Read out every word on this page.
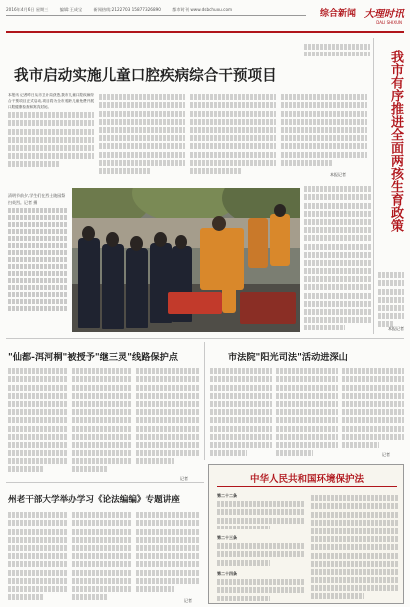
2016年4月6日 星期三	编辑:王成宝	新闻热线:2122703 15877326890	都市时刊 www.dsbchuxu.com	综合新闻 大理时讯
DALI SHIXUN
我市启动实施儿童口腔疾病综合干预项目
本报讯 记者昨日从市卫计局获悉,我市儿童口腔疾病综合干预项目正式启动,项目将为全市适龄儿童免费开展口腔健康检查和窝沟封闭。
本报记者
清明节前夕,学生们在烈士陵园祭扫英烈。记者 摄	我市有序推进全面两孩生育政策
本报记者
"仙都-洱河桐"被授予"继三灵"线路保护点
记者
市法院"阳光司法"活动进深山
记者
州老干部大学举办学习《论法编编》专题讲座
记者
中华人民共和国环境保护法
第二十二条
第二十三条
第二十四条
